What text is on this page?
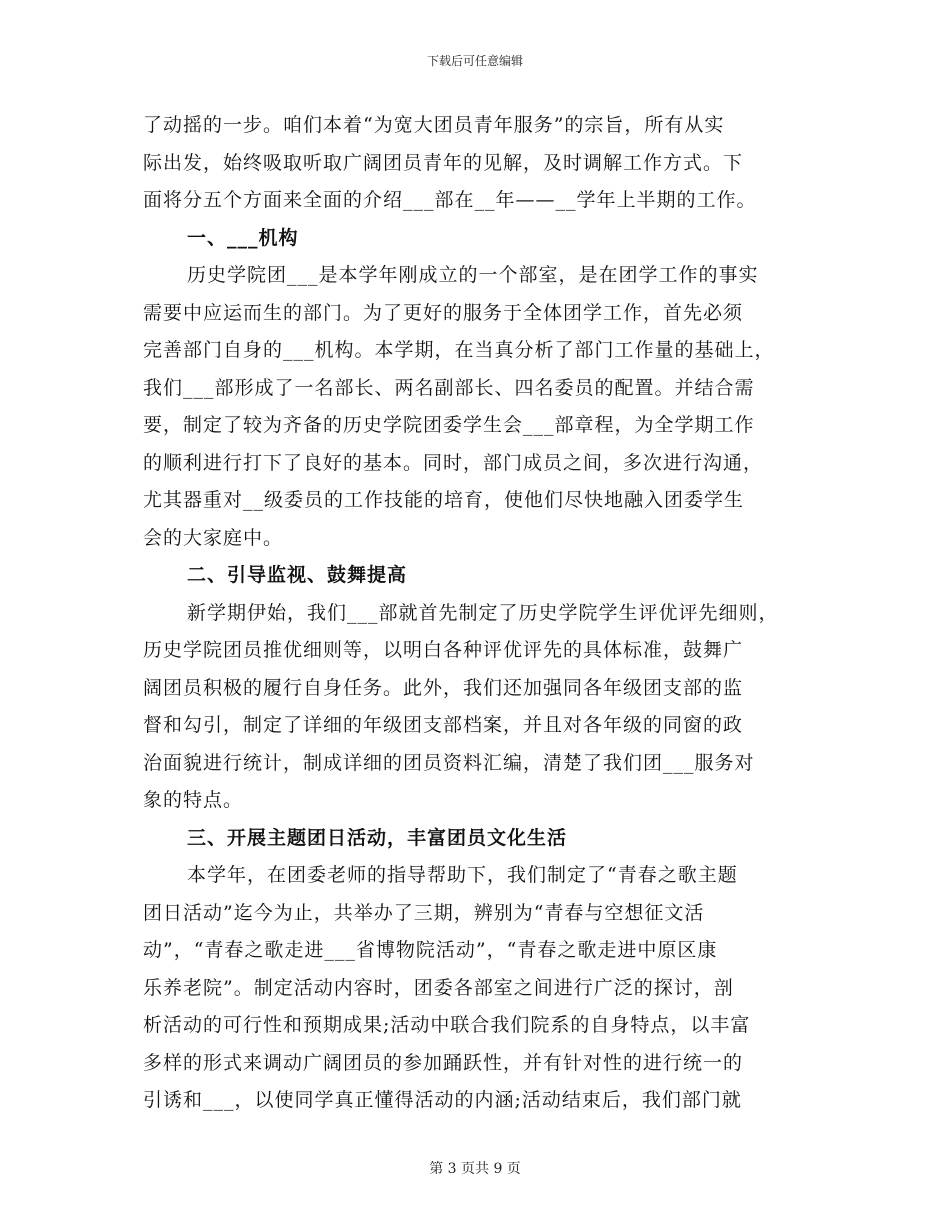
下载后可任意编辑
了动摇的一步。咱们本着“为宽大团员青年服务”的宗旨，所有从实
际出发，始终吸取听取广阔团员青年的见解，及时调解工作方式。下
面将分五个方面来全面的介绍___部在__年——__学年上半期的工作。
一、___机构
历史学院团___是本学年刚成立的一个部室，是在团学工作的事实
需要中应运而生的部门。为了更好的服务于全体团学工作，首先必须
完善部门自身的___机构。本学期，在当真分析了部门工作量的基础上，
我们___部形成了一名部长、两名副部长、四名委员的配置。并结合需
要，制定了较为齐备的历史学院团委学生会___部章程，为全学期工作
的顺利进行打下了良好的基本。同时，部门成员之间，多次进行沟通，
尤其器重对__级委员的工作技能的培育，使他们尽快地融入团委学生
会的大家庭中。
二、引导监视、鼓舞提高
新学期伊始，我们___部就首先制定了历史学院学生评优评先细则，
历史学院团员推优细则等，以明白各种评优评先的具体标准，鼓舞广
阔团员积极的履行自身任务。此外，我们还加强同各年级团支部的监
督和勾引，制定了详细的年级团支部档案，并且对各年级的同窗的政
治面貌进行统计，制成详细的团员资料汇编，清楚了我们团___服务对
象的特点。
三、开展主题团日活动，丰富团员文化生活
本学年，在团委老师的指导帮助下，我们制定了“青春之歌主题
团日活动”迄今为止，共举办了三期，辨别为“青春与空想征文活
动”，“青春之歌走进___省博物院活动”，“青春之歌走进中原区康
乐养老院”。制定活动内容时，团委各部室之间进行广泛的探讨，剖
析活动的可行性和预期成果;活动中联合我们院系的自身特点，以丰富
多样的形式来调动广阔团员的参加踊跃性，并有针对性的进行统一的
引诱和___，以使同学真正懂得活动的内涵;活动结束后，我们部门就
第 3 页共 9 页
